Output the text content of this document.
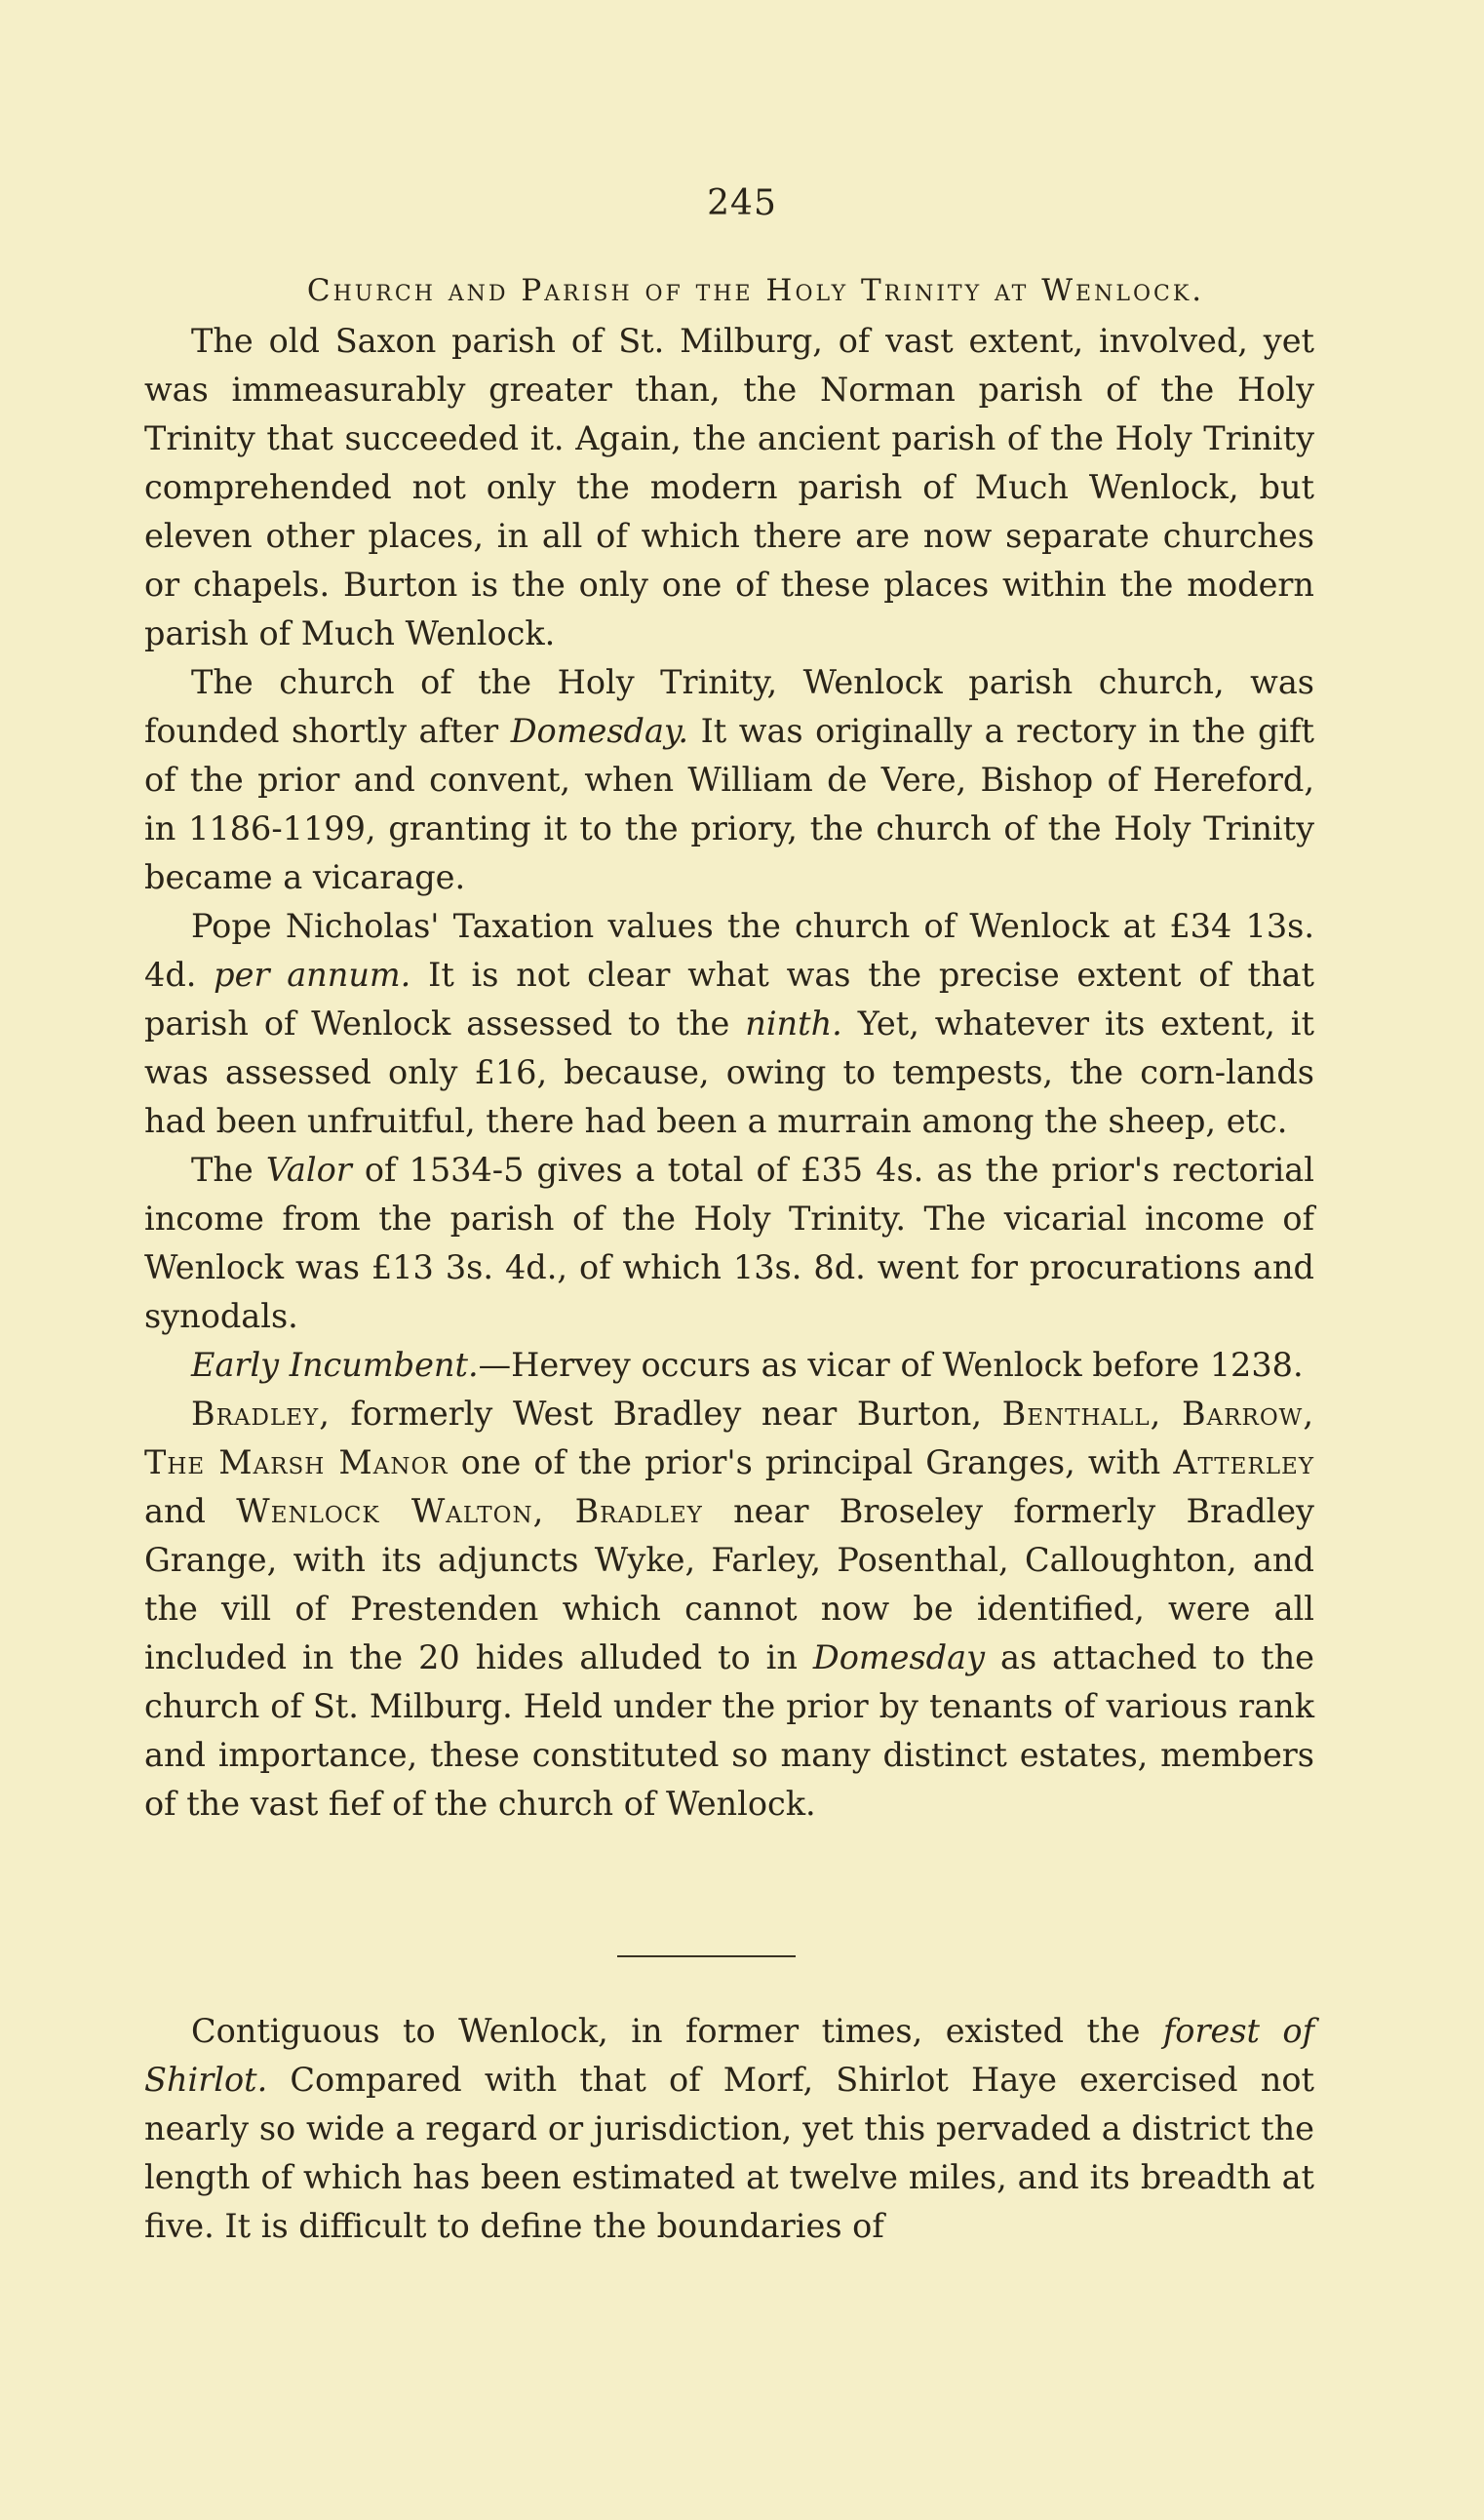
245
Church and Parish of the Holy Trinity at Wenlock.

The old Saxon parish of St. Milburg, of vast extent, involved, yet was immeasurably greater than, the Norman parish of the Holy Trinity that succeeded it. Again, the ancient parish of the Holy Trinity comprehended not only the modern parish of Much Wenlock, but eleven other places, in all of which there are now separate churches or chapels. Burton is the only one of these places within the modern parish of Much Wenlock.

The church of the Holy Trinity, Wenlock parish church, was founded shortly after Domesday. It was originally a rectory in the gift of the prior and convent, when William de Vere, Bishop of Hereford, in 1186-1199, granting it to the priory, the church of the Holy Trinity became a vicarage.

Pope Nicholas' Taxation values the church of Wenlock at £34 13s. 4d. per annum. It is not clear what was the precise extent of that parish of Wenlock assessed to the ninth. Yet, whatever its extent, it was assessed only £16, because, owing to tempests, the corn-lands had been unfruitful, there had been a murrain among the sheep, etc.

The Valor of 1534-5 gives a total of £35 4s. as the prior's rectorial income from the parish of the Holy Trinity. The vicarial income of Wenlock was £13 3s. 4d., of which 13s. 8d. went for procurations and synodals.

Early Incumbent.—Hervey occurs as vicar of Wenlock before 1238.

Bradley, formerly West Bradley near Burton, Benthall, Barrow, The Marsh Manor one of the prior's principal Granges, with Atterley and Wenlock Walton, Bradley near Broseley formerly Bradley Grange, with its adjuncts Wyke, Farley, Posenthal, Calloughton, and the vill of Prestenden which cannot now be identified, were all included in the 20 hides alluded to in Domesday as attached to the church of St. Milburg. Held under the prior by tenants of various rank and importance, these constituted so many distinct estates, members of the vast fief of the church of Wenlock.

Contiguous to Wenlock, in former times, existed the forest of Shirlot. Compared with that of Morf, Shirlot Haye exercised not nearly so wide a regard or jurisdiction, yet this pervaded a district the length of which has been estimated at twelve miles, and its breadth at five. It is difficult to define the boundaries of
